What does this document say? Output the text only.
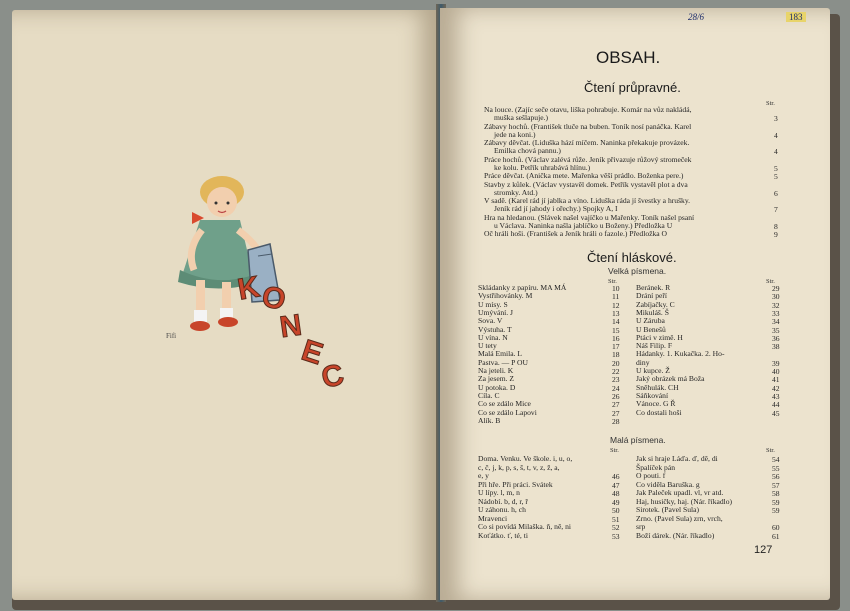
Fifi
K
O
N
E
C
28/6	183
OBSAH.
Čtení průpravné.
Str.
Na louce. (Zajíc seče otavu, liška pohrabuje. Komár na vůz nakládá,
muška sešlapuje.)	3
Zábavy hochů. (František tluče na buben. Toník nosí panáčka. Karel
jede na koni.)	4
Zábavy děvčat. (Liduška hází míčem. Naninka překakuje provázek.
Emilka chová pannu.)	4
Práce hochů. (Václav zalévá růže. Jeník přivazuje růžový stromeček
ke kolu. Petřík uhrabává hlínu.)	5
Práce děvčat. (Anička mete. Mařenka věší prádlo. Boženka pere.)	5
Stavby z kůlek. (Václav vystavěl domek. Petřík vystavěl plot a dva
stromky. Atd.)	6
V sadě. (Karel rád jí jablka a víno. Liduška ráda jí švestky a hrušky.
Jeník rád jí jahody i ořechy.) Spojky A, I	7
Hra na hledanou. (Slávek našel vajíčko u Mařenky. Toník našel psaní
u Václava. Naninka našla jablíčko u Boženy.) Předložka U	8
Oč hráli hoši. (František a Jeník hráli o fazole.) Předložka O	9
Čtení hláskové.
Velká písmena.
Str.	Str.
Skládanky z papíru. MA MÁ	10
Vystřihovánky. M	11
U mísy. S	12
Umývání. J	13
Sova. V	14
Výstuha. T	15
U vína. N	16
U tety	17
Malá Emila. L	18
Pastva. — P OU	20
Na jeteli. K	22
Za jesem. Z	23
U potoka. D	24
Cíla. C	26
Co se zdálo Mice	27
Co se zdálo Lapovi	27
Alík. B	28
Beránek. R	29
Drání peří	30
Zabíjačky. C	32
Mikuláš. Š	33
U Záruba	34
U Benešů	35
Ptáci v zimě. H	36
Náš Filip. F	38
Hádanky. 1. Kukačka. 2. Ho-
diny	39
U kupce. Ž	40
Jaký obrázek má Boža	41
Sněhulák. CH	42
Sáňkování	43
Vánoce. G Ř	44
Co dostali hoši	45
Malá písmena.
Str.	Str.
Doma. Venku. Ve škole. i, u, o,
c, č, j, k, p, s, š, t, v, z, ž, a,
e, y	46
Při hře. Při práci. Svátek	47
U lípy. l, m, n	48
Nádobí. b, d, r, ř	49
U záhonu. h, ch	50
Mravenci	51
Co si povídá Milaška. ň, ně, ni	52
Koťátko. ť, té, ti	53
Jak si hraje Láďa. ď, dě, di	54
Špalíček pán	55
O pouti. f	56
Co viděla Baruška. g	57
Jak Paleček upadl. vl, vr atd.	58
Haj, husičky, haj. (Nár. říkadlo)	59
Sirotek. (Pavel Sula)	59
Zrno. (Pavel Sula) zrn, vrch,
srp	60
Boží dárek. (Nár. říkadlo)	61
127
